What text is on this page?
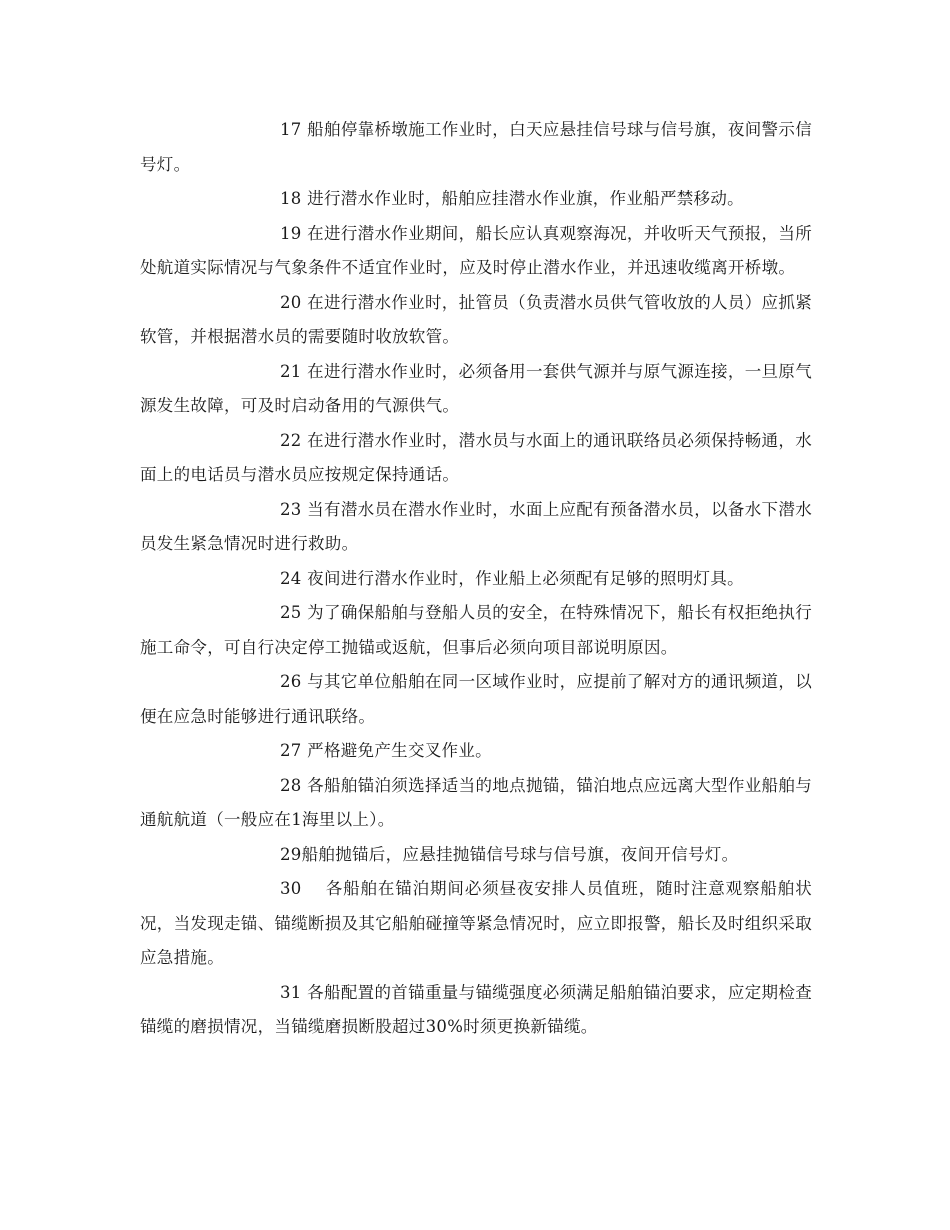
17 船舶停靠桥墩施工作业时，白天应悬挂信号球与信号旗，夜间警示信号灯。

18 进行潜水作业时，船舶应挂潜水作业旗，作业船严禁移动。

19 在进行潜水作业期间，船长应认真观察海况，并收听天气预报，当所处航道实际情况与气象条件不适宜作业时，应及时停止潜水作业，并迅速收缆离开桥墩。

20 在进行潜水作业时，扯管员（负责潜水员供气管收放的人员）应抓紧软管，并根据潜水员的需要随时收放软管。

21 在进行潜水作业时，必须备用一套供气源并与原气源连接，一旦原气源发生故障，可及时启动备用的气源供气。

22 在进行潜水作业时，潜水员与水面上的通讯联络员必须保持畅通，水面上的电话员与潜水员应按规定保持通话。

23 当有潜水员在潜水作业时，水面上应配有预备潜水员，以备水下潜水员发生紧急情况时进行救助。

24 夜间进行潜水作业时，作业船上必须配有足够的照明灯具。

25 为了确保船舶与登船人员的安全，在特殊情况下，船长有权拒绝执行施工命令，可自行决定停工抛锚或返航，但事后必须向项目部说明原因。

26 与其它单位船舶在同一区域作业时，应提前了解对方的通讯频道，以便在应急时能够进行通讯联络。

27 严格避免产生交叉作业。

28 各船舶锚泊须选择适当的地点抛锚，锚泊地点应远离大型作业船舶与通航航道（一般应在1海里以上）。

29船舶抛锚后，应悬挂抛锚信号球与信号旗，夜间开信号灯。

30　 各船舶在锚泊期间必须昼夜安排人员值班，随时注意观察船舶状况，当发现走锚、锚缆断损及其它船舶碰撞等紧急情况时，应立即报警，船长及时组织采取应急措施。

31 各船配置的首锚重量与锚缆强度必须满足船舶锚泊要求，应定期检查锚缆的磨损情况，当锚缆磨损断股超过30%时须更换新锚缆。
